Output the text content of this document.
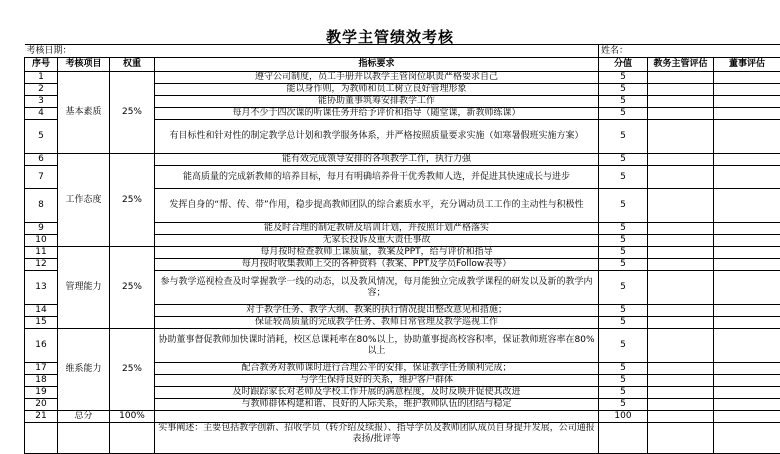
教学主管绩效考核
考核日期：				姓名：		
序号	考核项目	权重	指标要求	分值	教务主管评估	董事评估
1	基本素质	25%	遵守公司制度，员工手册并以教学主管岗位职责严格要求自己	5		
2			能以身作则，为教师和员工树立良好管理形象	5		
3			能协助董事筑筹安排教学工作	5		
4			每月不少于四次课的听课任务并给予评价和指导（随堂课，新教师练课）	5		
5			有目标性和针对性的制定教学总计划和教学服务体系，并严格按照质量要求实施（如寒暑假班实施方案）	5		
6	工作态度	25%	能有效完成领导安排的各项教学工作，执行力强	5		
7			能高质量的完成新教师的培养目标，每月有明确培养骨干优秀教师人选，并促进其快速成长与进步	5		
8			发挥自身的“帮、传、带”作用，稳步提高教师团队的综合素质水平，充分调动员工工作的主动性与积极性	5		
9			能及时合理的制定教研及培训计划，并按照计划严格落实	5		
10			无家长投诉及重大责任事故	5		
11	管理能力	25%	每月按时检查教师上课质量，教案及PPT，给与评价和指导	5		
12			每月按时收集教师上交的各种资料（教案、PPT及学员Follow表等）	5		
13			参与教学巡视检查及时掌握教学一线的动态，以及教风情况，每月能独立完成教学课程的研发以及新的教学内容；	5		
14			对于教学任务、教学大纲、教案的执行情况提出整改意见和措施；	5		
15			保证较高质量的完成教学任务、教师日常管理及教学巡视工作	5		
16	维系能力	25%	协助董事督促教师加快课时消耗，校区总课耗率在80%以上，协助董事提高校容积率，保证教师班容率在80%以上	5		
17			配合教务对教师课时进行合理公平的安排，保证教学任务顺利完成；	5		
18			与学生保持良好的关系，维护客户群体	5		
19			及时跟踪家长对老师及学校工作开展的满意程度，及时反映并促使其改进	5		
20			与教师群体构建和谐、良好的人际关系，维护教师队伍的团结与稳定	5		
21	总分	100%		100		
			实事阐述：主要包括教学创新、招收学员（转介绍及续报）、指导学员及教师团队成员自身提升发展，公司通报表扬/批评等			
